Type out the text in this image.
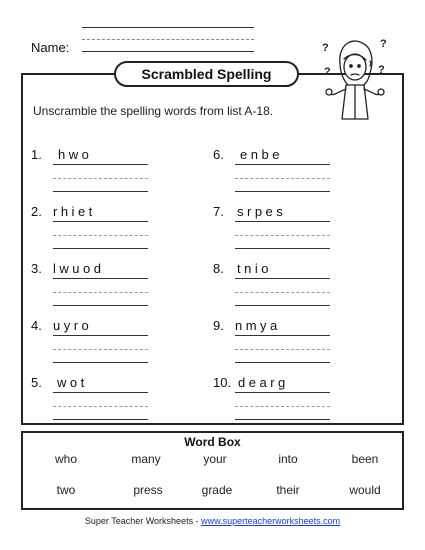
Name:
Scrambled Spelling
Unscramble the spelling words from list A-18.
?	?
?	?
1. hwo
2. rhiet
3. lwuod
4. uyro
5. wot
6. enbe
7. srpes
8. tnio
9. nmya
10. dearg
Word Box
who	many	your	into	been
two	press	grade	their	would
Super Teacher Worksheets - www.superteacherworksheets.com
